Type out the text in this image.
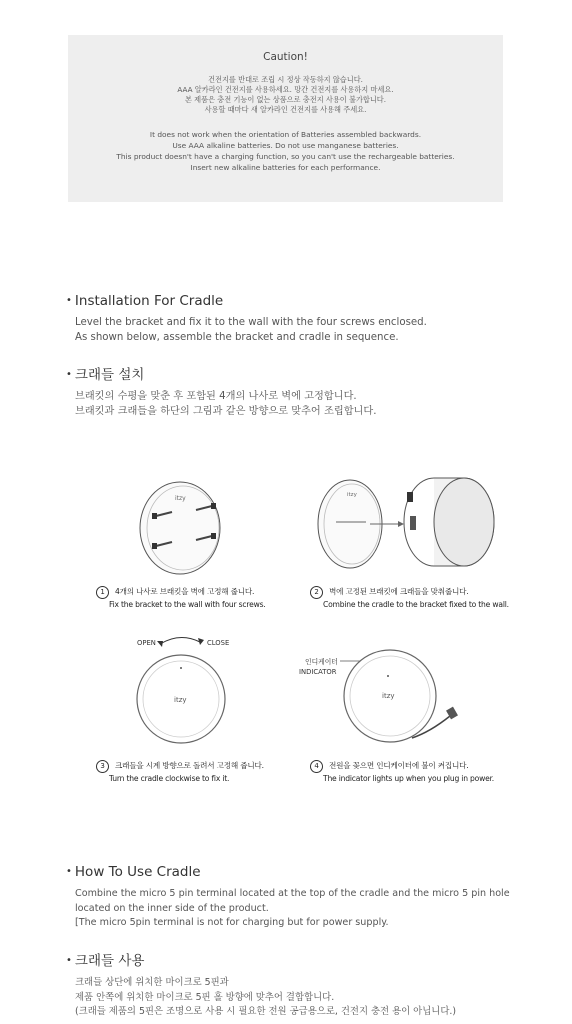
Caution!
건전지를 반대로 조립 시 정상 작동하지 않습니다.
AAA 알카라인 건전지를 사용하세요. 망간 건전지를 사용하지 마세요.
본 제품은 충전 기능이 없는 상품으로 충전지 사용이 불가합니다.
사용할 때마다 새 알카라인 건전지를 사용해 주세요.
It does not work when the orientation of Batteries assembled backwards.
Use AAA alkaline batteries. Do not use manganese batteries.
This product doesn't have a charging function, so you can't use the rechargeable batteries.
Insert new alkaline batteries for each performance.
• Installation For Cradle
Level the bracket and fix it to the wall with the four screws enclosed.
As shown below, assemble the bracket and cradle in sequence.
• 크래들 설치
브래킷의 수평을 맞춘 후 포함된 4개의 나사로 벽에 고정합니다.
브래킷과 크래들을 하단의 그림과 같은 방향으로 맞추어 조립합니다.
itzy	itzy
1 4개의 나사로 브래킷을 벽에 고정해 줍니다.
Fix the bracket to the wall with four screws.
2 벽에 고정된 브래킷에 크래들을 맞춰줍니다.
Combine the cradle to the bracket fixed to the wall.
OPEN	CLOSE
itzy
인디케이터
INDICATOR
itzy
3 크래들을 시계 방향으로 돌려서 고정해 줍니다.
Turn the cradle clockwise to fix it.
4 전원을 꽂으면 인디케이터에 불이 켜집니다.
The indicator lights up when you plug in power.
• How To Use Cradle
Combine the micro 5 pin terminal located at the top of the cradle and the micro 5 pin hole
located on the inner side of the product.
[The micro 5pin terminal is not for charging but for power supply.
• 크래들 사용
크래들 상단에 위치한 마이크로 5핀과
제품 안쪽에 위치한 마이크로 5핀 홀 방향에 맞추어 결합합니다.
(크래들 제품의 5핀은 조명으로 사용 시 필요한 전원 공급용으로, 건전지 충전 용이 아닙니다.)
